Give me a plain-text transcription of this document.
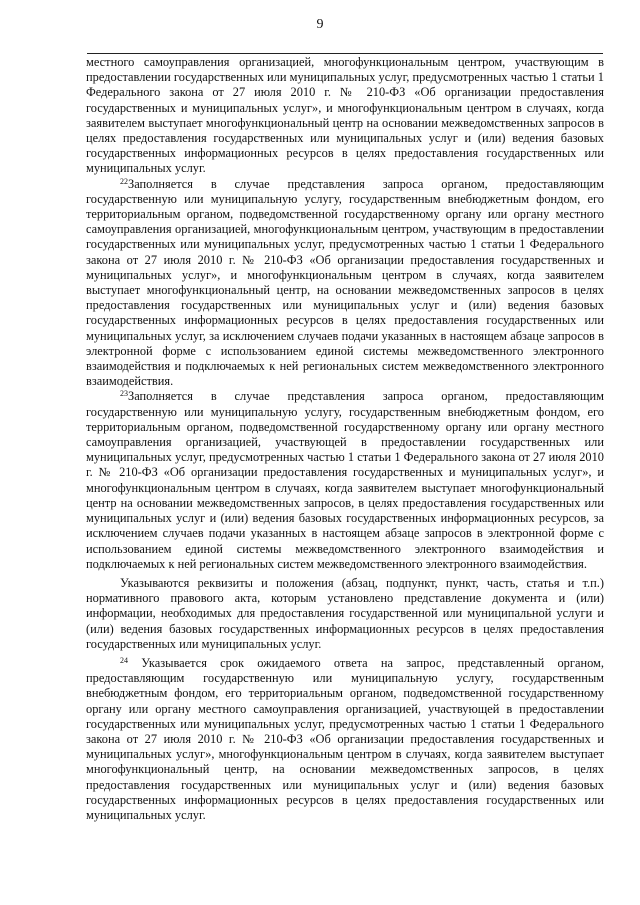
9

местного самоуправления организацией, многофункциональным центром, участвующим в предоставлении государственных или муниципальных услуг, предусмотренных частью 1 статьи 1 Федерального закона от 27 июля 2010 г. № 210-ФЗ «Об организации предоставления государственных и муниципальных услуг», и многофункциональным центром в случаях, когда заявителем выступает многофункциональный центр на основании межведомственных запросов в целях предоставления государственных или муниципальных услуг и (или) ведения базовых государственных информационных ресурсов в целях предоставления государственных или муниципальных услуг.

$^{22}$Заполняется в случае представления запроса органом, предоставляющим государственную или муниципальную услугу, государственным внебюджетным фондом, его территориальным органом, подведомственной государственному органу или органу местного самоуправления организацией, многофункциональным центром, участвующим в предоставлении государственных или муниципальных услуг, предусмотренных частью 1 статьи 1 Федерального закона от 27 июля 2010 г. № 210-ФЗ «Об организации предоставления государственных и муниципальных услуг», и многофункциональным центром в случаях, когда заявителем выступает многофункциональный центр, на основании межведомственных запросов в целях предоставления государственных или муниципальных услуг и (или) ведения базовых государственных информационных ресурсов в целях предоставления государственных или муниципальных услуг, за исключением случаев подачи указанных в настоящем абзаце запросов в электронной форме с использованием единой системы межведомственного электронного взаимодействия и подключаемых к ней региональных систем межведомственного электронного взаимодействия.

$^{23}$Заполняется в случае представления запроса органом, предоставляющим государственную или муниципальную услугу, государственным внебюджетным фондом, его территориальным органом, подведомственной государственному органу или органу местного самоуправления организацией, участвующей в предоставлении государственных или муниципальных услуг, предусмотренных частью 1 статьи 1 Федерального закона от 27 июля 2010 г. № 210-ФЗ «Об организации предоставления государственных и муниципальных услуг», и многофункциональным центром в случаях, когда заявителем выступает многофункциональный центр на основании межведомственных запросов, в целях предоставления государственных или муниципальных услуг и (или) ведения базовых государственных информационных ресурсов, за исключением случаев подачи указанных в настоящем абзаце запросов в электронной форме с использованием единой системы межведомственного электронного взаимодействия и подключаемых к ней региональных систем межведомственного электронного взаимодействия.

Указываются реквизиты и положения (абзац, подпункт, пункт, часть, статья и т.п.) нормативного правового акта, которым установлено представление документа и (или) информации, необходимых для предоставления государственной или муниципальной услуги и (или) ведения базовых государственных информационных ресурсов в целях предоставления государственных или муниципальных услуг.

$^{24}$ Указывается срок ожидаемого ответа на запрос, представленный органом, предоставляющим государственную или муниципальную услугу, государственным внебюджетным фондом, его территориальным органом, подведомственной государственному органу или органу местного самоуправления организацией, участвующей в предоставлении государственных или муниципальных услуг, предусмотренных частью 1 статьи 1 Федерального закона от 27 июля 2010 г. № 210-ФЗ «Об организации предоставления государственных и муниципальных услуг», многофункциональным центром в случаях, когда заявителем выступает многофункциональный центр, на основании межведомственных запросов, в целях предоставления государственных или муниципальных услуг и (или) ведения базовых государственных информационных ресурсов в целях предоставления государственных или муниципальных услуг.
